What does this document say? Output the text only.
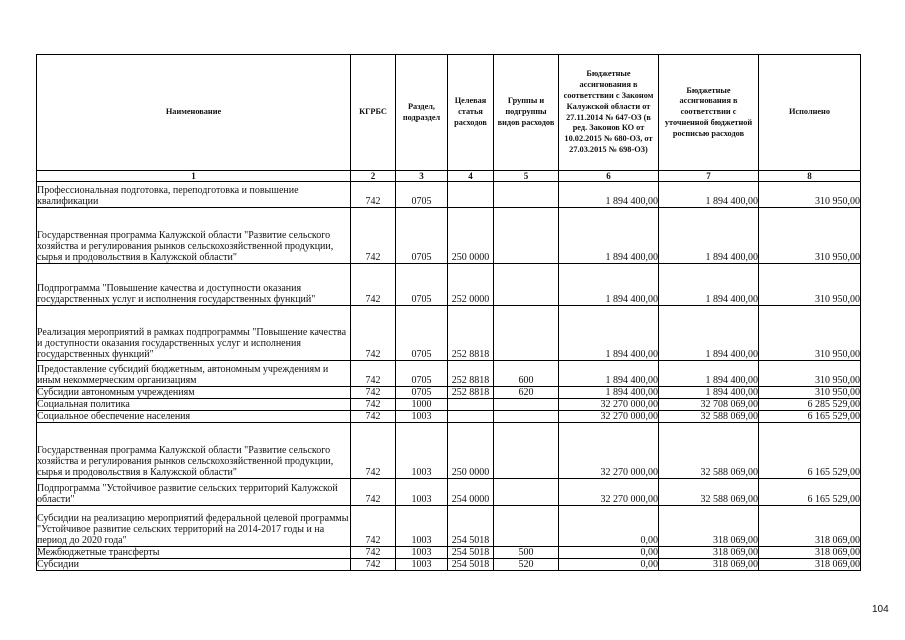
Наименование	КГРБС	Раздел, подраздел	Целевая статья расходов	Группы и подгруппы видов расходов	Бюджетные ассигнования в соответствии с Законом Калужской области от 27.11.2014 № 647-ОЗ (в ред. Законов КО от 10.02.2015 № 680-ОЗ, от 27.03.2015 № 698-ОЗ)	Бюджетные ассигнования в соответствии с уточненной бюджетной росписью расходов	Исполнено
1	2	3	4	5	6	7	8
Профессиональная подготовка, переподготовка и повышение квалификации	742	0705			1 894 400,00	1 894 400,00	310 950,00
Государственная программа Калужской области "Развитие сельского хозяйства и регулирования рынков сельскохозяйственной продукции, сырья и продовольствия в Калужской области"	742	0705	250 0000		1 894 400,00	1 894 400,00	310 950,00
Подпрограмма "Повышение качества и доступности оказания государственных услуг и исполнения государственных функций"	742	0705	252 0000		1 894 400,00	1 894 400,00	310 950,00
Реализация мероприятий в рамках подпрограммы "Повышение качества и доступности оказания государственных услуг и исполнения государственных функций"	742	0705	252 8818		1 894 400,00	1 894 400,00	310 950,00
Предоставление субсидий бюджетным, автономным учреждениям и иным некоммерческим организациям	742	0705	252 8818	600	1 894 400,00	1 894 400,00	310 950,00
Субсидии автономным учреждениям	742	0705	252 8818	620	1 894 400,00	1 894 400,00	310 950,00
Социальная политика	742	1000			32 270 000,00	32 708 069,00	6 285 529,00
Социальное обеспечение населения	742	1003			32 270 000,00	32 588 069,00	6 165 529,00
Государственная программа Калужской области "Развитие сельского хозяйства и регулирования рынков сельскохозяйственной продукции, сырья и продовольствия в Калужской области"	742	1003	250 0000		32 270 000,00	32 588 069,00	6 165 529,00
Подпрограмма "Устойчивое развитие сельских территорий Калужской области"	742	1003	254 0000		32 270 000,00	32 588 069,00	6 165 529,00
Субсидии на реализацию мероприятий федеральной целевой программы "Устойчивое развитие сельских территорий на 2014-2017 годы и на период до 2020 года"	742	1003	254 5018		0,00	318 069,00	318 069,00
Межбюджетные трансферты	742	1003	254 5018	500	0,00	318 069,00	318 069,00
Субсидии	742	1003	254 5018	520	0,00	318 069,00	318 069,00
104
